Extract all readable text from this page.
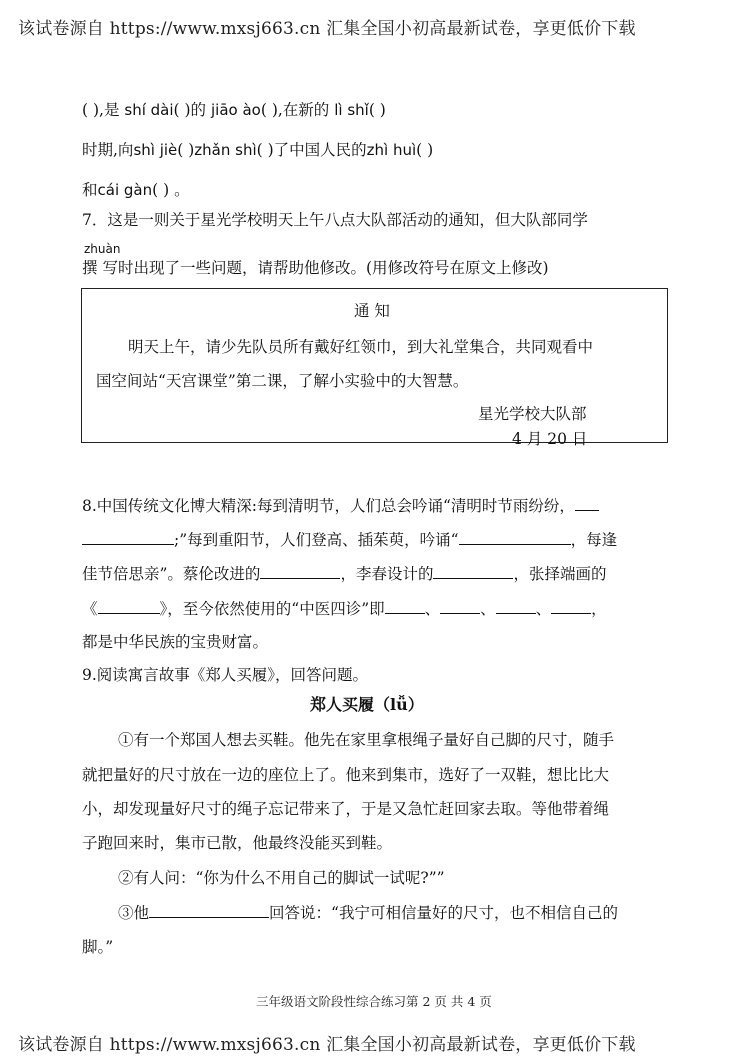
该试卷源自 https://www.mxsj663.cn 汇集全国小初高最新试卷，享更低价下载
( ),是 shí dài( )的 jiāo ào( ),在新的 lì shǐ( )
时期,向shì jiè( )zhǎn shì( )了中国人民的zhì huì( )
和cái gàn( ) 。
7．这是一则关于星光学校明天上午八点大队部活动的通知，但大队部同学
zhuàn
撰 写时出现了一些问题，请帮助他修改。(用修改符号在原文上修改)
通 知
明天上午，请少先队员所有戴好红领巾，到大礼堂集合，共同观看中
国空间站“天宫课堂”第二课，了解小实验中的大智慧。
星光学校大队部
4 月 20 日
8.中国传统文化博大精深:每到清明节，人们总会吟诵“清明时节雨纷纷，
;”每到重阳节，人们登高、插茱萸，吟诵“	，每逢
佳节倍思亲”。蔡伦改进的	，李春设计的	，张择端画的
《	》，至今依然使用的“中医四诊”即	、	、	、	，
都是中华民族的宝贵财富。
9.阅读寓言故事《郑人买履》，回答问题。
郑人买履（lǚ）
①有一个郑国人想去买鞋。他先在家里拿根绳子量好自己脚的尺寸，随手
就把量好的尺寸放在一边的座位上了。他来到集市，选好了一双鞋，想比比大
小，却发现量好尺寸的绳子忘记带来了，于是又急忙赶回家去取。等他带着绳
子跑回来时，集市已散，他最终没能买到鞋。
②有人问：“你为什么不用自己的脚试一试呢?””
③他	回答说：“我宁可相信量好的尺寸，也不相信自己的
脚。”
三年级语文阶段性综合练习第 2 页 共 4 页
该试卷源自 https://www.mxsj663.cn 汇集全国小初高最新试卷，享更低价下载
